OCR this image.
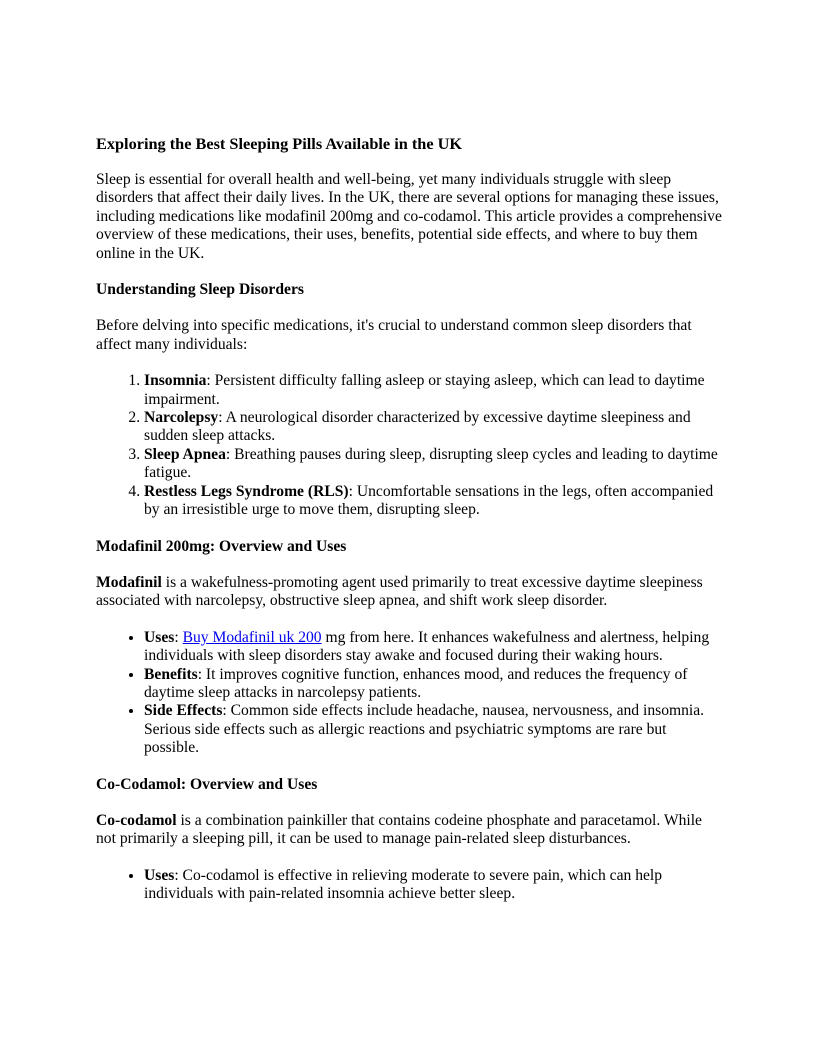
Exploring the Best Sleeping Pills Available in the UK

Sleep is essential for overall health and well-being, yet many individuals struggle with sleep disorders that affect their daily lives. In the UK, there are several options for managing these issues, including medications like modafinil 200mg and co-codamol. This article provides a comprehensive overview of these medications, their uses, benefits, potential side effects, and where to buy them online in the UK.

Understanding Sleep Disorders

Before delving into specific medications, it's crucial to understand common sleep disorders that affect many individuals:

1. Insomnia: Persistent difficulty falling asleep or staying asleep, which can lead to daytime impairment.
2. Narcolepsy: A neurological disorder characterized by excessive daytime sleepiness and sudden sleep attacks.
3. Sleep Apnea: Breathing pauses during sleep, disrupting sleep cycles and leading to daytime fatigue.
4. Restless Legs Syndrome (RLS): Uncomfortable sensations in the legs, often accompanied by an irresistible urge to move them, disrupting sleep.
Modafinil 200mg: Overview and Uses

Modafinil is a wakefulness-promoting agent used primarily to treat excessive daytime sleepiness associated with narcolepsy, obstructive sleep apnea, and shift work sleep disorder.

• Uses: Buy Modafinil uk 200 mg from here. It enhances wakefulness and alertness, helping individuals with sleep disorders stay awake and focused during their waking hours.
• Benefits: It improves cognitive function, enhances mood, and reduces the frequency of daytime sleep attacks in narcolepsy patients.
• Side Effects: Common side effects include headache, nausea, nervousness, and insomnia. Serious side effects such as allergic reactions and psychiatric symptoms are rare but possible.
Co-Codamol: Overview and Uses

Co-codamol is a combination painkiller that contains codeine phosphate and paracetamol. While not primarily a sleeping pill, it can be used to manage pain-related sleep disturbances.

• Uses: Co-codamol is effective in relieving moderate to severe pain, which can help individuals with pain-related insomnia achieve better sleep.
